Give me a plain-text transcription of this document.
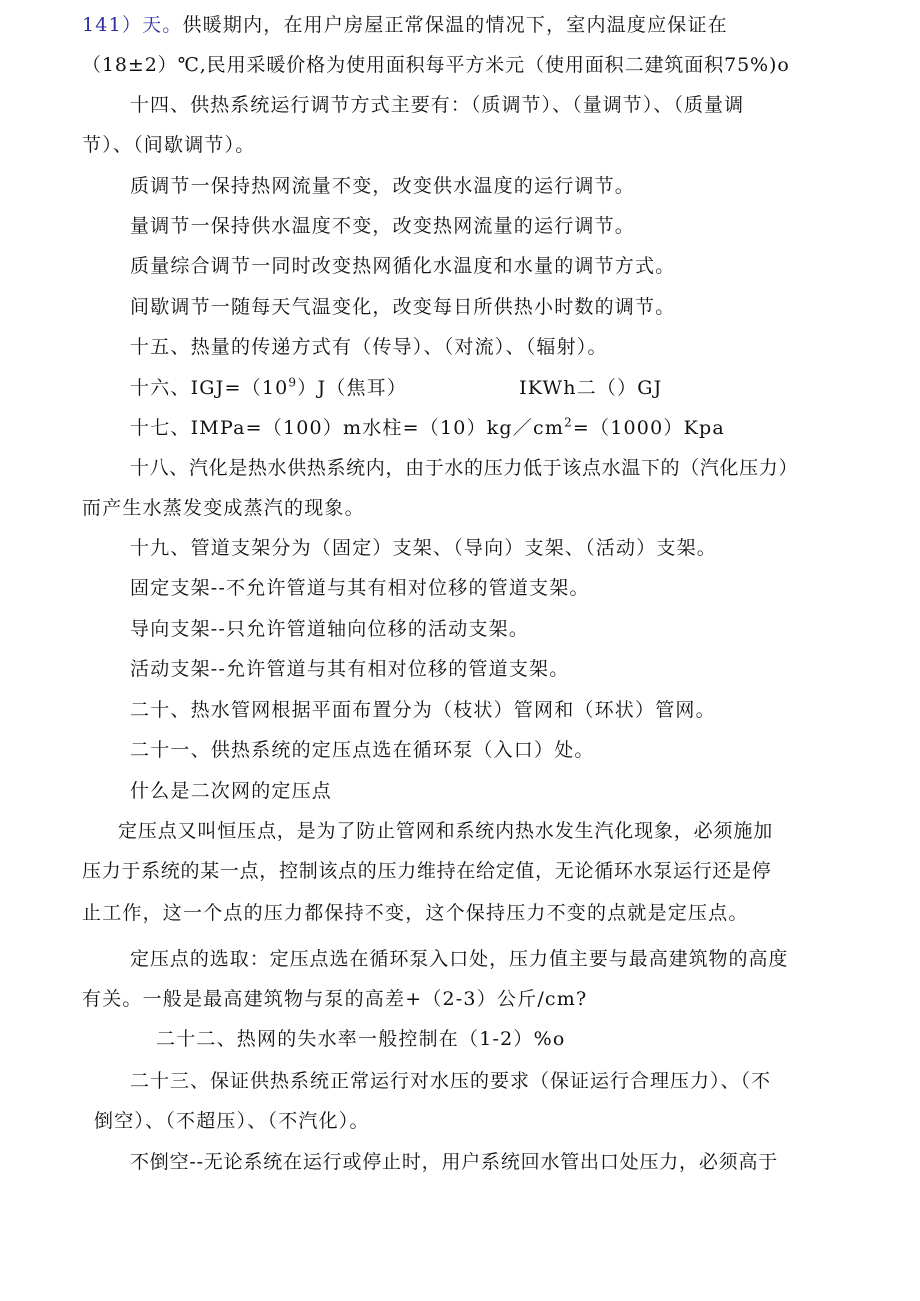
141）天。供暖期内，在用户房屋正常保温的情况下，室内温度应保证在
（18±2）℃,民用采暖价格为使用面积每平方米元（使用面积二建筑面积75%)o
十四、供热系统运行调节方式主要有：（质调节）、（量调节）、（质量调
节）、（间歇调节）。
质调节一保持热网流量不变，改变供水温度的运行调节。
量调节一保持供水温度不变，改变热网流量的运行调节。
质量综合调节一同时改变热网循化水温度和水量的调节方式。
间歇调节一随每天气温变化，改变每日所供热小时数的调节。
十五、热量的传递方式有（传导）、（对流）、（辐射）。
十六、$IGJ=(10^9)J$（焦耳）	IKWh二（）GJ
十七、IMPa=（100）m水柱$=(10)kg/cm^2=(1000)Kpa$
十八、汽化是热水供热系统内，由于水的压力低于该点水温下的（汽化压力）
而产生水蒸发变成蒸汽的现象。
十九、管道支架分为（固定）支架、（导向）支架、（活动）支架。
固定支架--不允许管道与其有相对位移的管道支架。
导向支架--只允许管道轴向位移的活动支架。
活动支架--允许管道与其有相对位移的管道支架。
二十、热水管网根据平面布置分为（枝状）管网和（环状）管网。
二十一、供热系统的定压点选在循环泵（入口）处。
什么是二次网的定压点
定压点又叫恒压点，是为了防止管网和系统内热水发生汽化现象，必须施加
压力于系统的某一点，控制该点的压力维持在给定值，无论循环水泵运行还是停
止工作，这一个点的压力都保持不变，这个保持压力不变的点就是定压点。
定压点的选取：定压点选在循环泵入口处，压力值主要与最高建筑物的高度
有关。一般是最高建筑物与泵的高差+（2-3）公斤/cm?
二十二、热网的失水率一般控制在（1-2）%o
二十三、保证供热系统正常运行对水压的要求（保证运行合理压力）、（不
倒空）、（不超压）、（不汽化）。
不倒空--无论系统在运行或停止时，用户系统回水管出口处压力，必须高于
